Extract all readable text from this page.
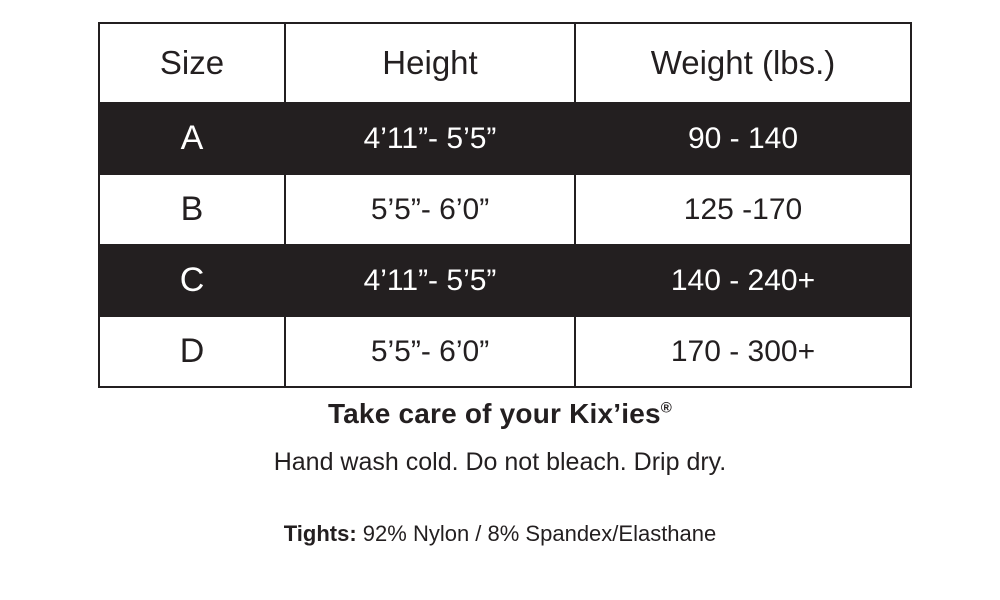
Size	Height	Weight (lbs.)
A	4’11”- 5’5”	90 - 140
B	5’5”- 6’0”	125 -170
C	4’11”- 5’5”	140 - 240+
D	5’5”- 6’0”	170 - 300+
Take care of your Kix’ies®
Hand wash cold. Do not bleach. Drip dry.
Tights: 92% Nylon / 8% Spandex/Elasthane
